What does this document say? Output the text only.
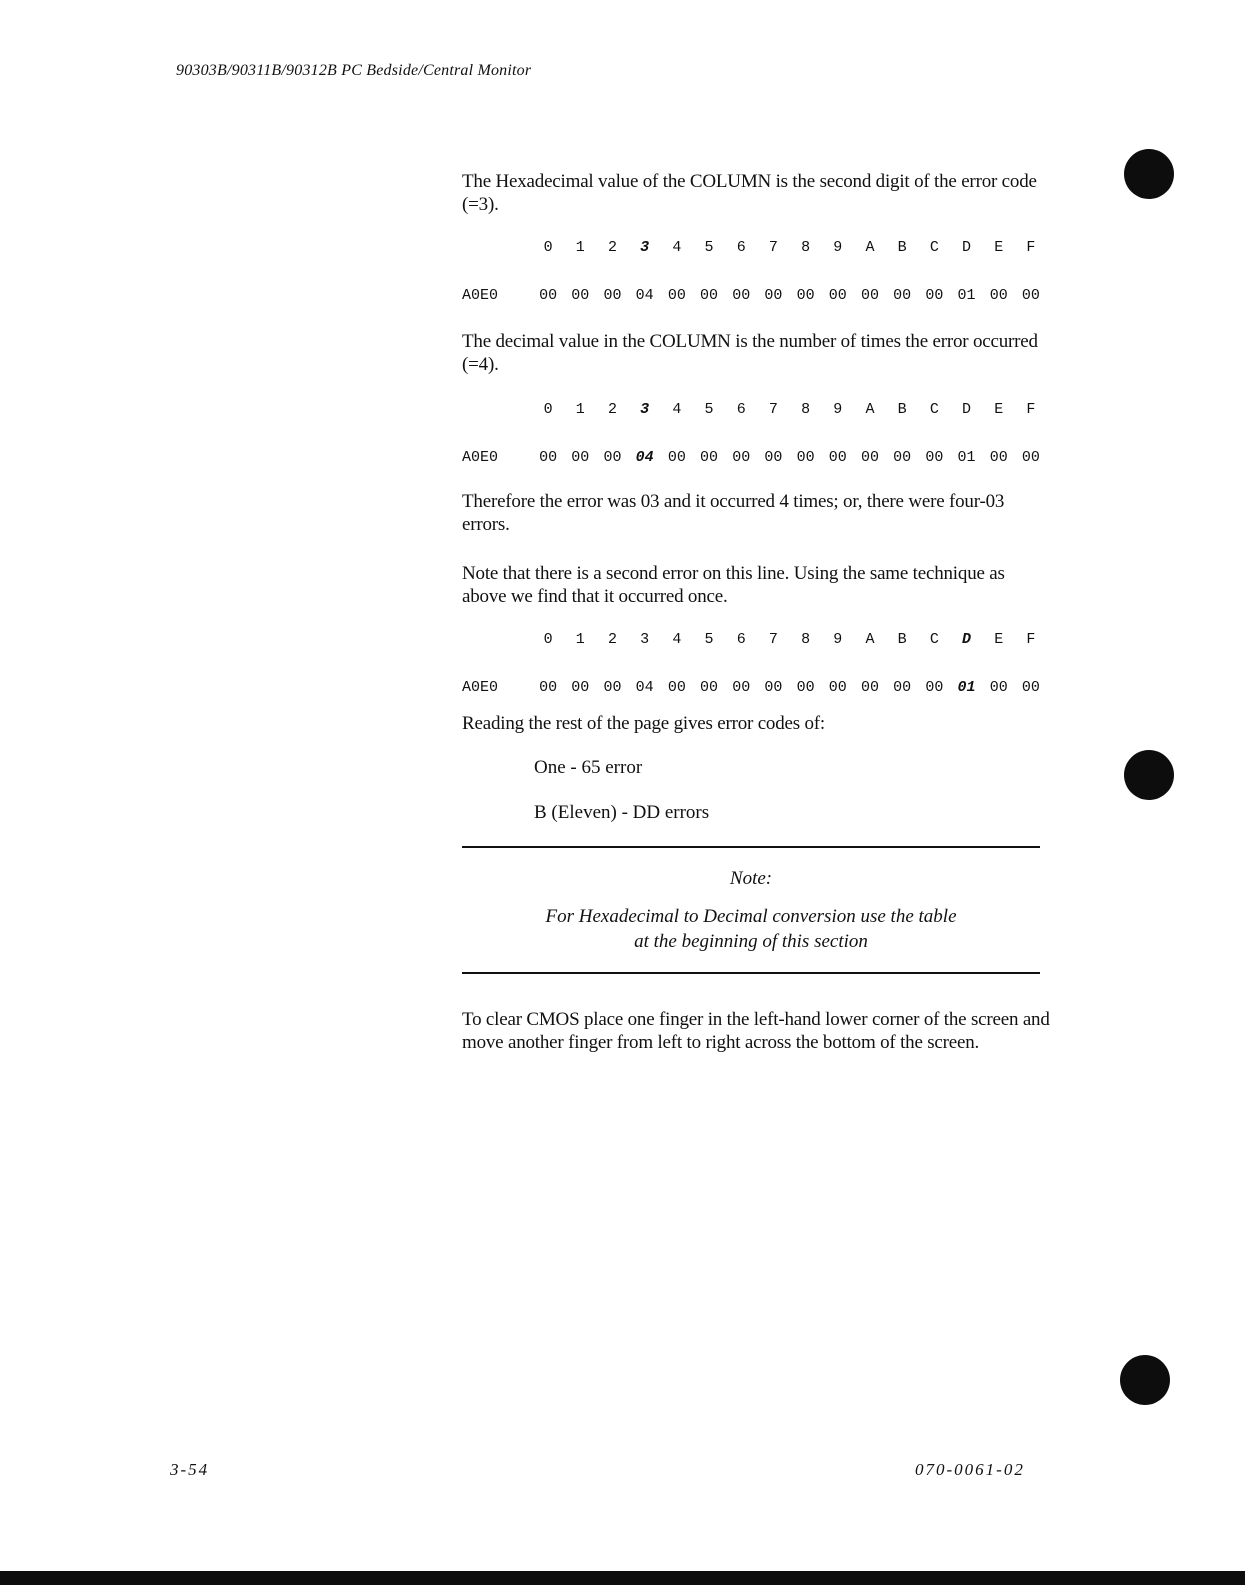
90303B/90311B/90312B PC Bedside/Central Monitor

The Hexadecimal value of the COLUMN is the second digit of the error code (=3).

0	1	2	3	4	5	6	7	8	9	A	B	C	D	E	F
A0E0	00 00 00 04 00 00 00 00 00 00 00 00 00 01 00 00

The decimal value in the COLUMN is the number of times the error occurred (=4).

0	1	2	3	4	5	6	7	8	9	A	B	C	D	E	F
A0E0	00 00 00 04 00 00 00 00 00 00 00 00 00 01 00 00

Therefore the error was 03 and it occurred 4 times; or, there were four-03 errors.

Note that there is a second error on this line. Using the same technique as above we find that it occurred once.

0	1	2	3	4	5	6	7	8	9	A	B	C	D	E	F
A0E0	00 00 00 04 00 00 00 00 00 00 00 00 00 01 00 00

Reading the rest of the page gives error codes of:

One - 65 error
B (Eleven) - DD errors
Note:
For Hexadecimal to Decimal conversion use the table
at the beginning of this section

To clear CMOS place one finger in the left-hand lower corner of the screen and move another finger from left to right across the bottom of the screen.

3-54	070-0061-02
